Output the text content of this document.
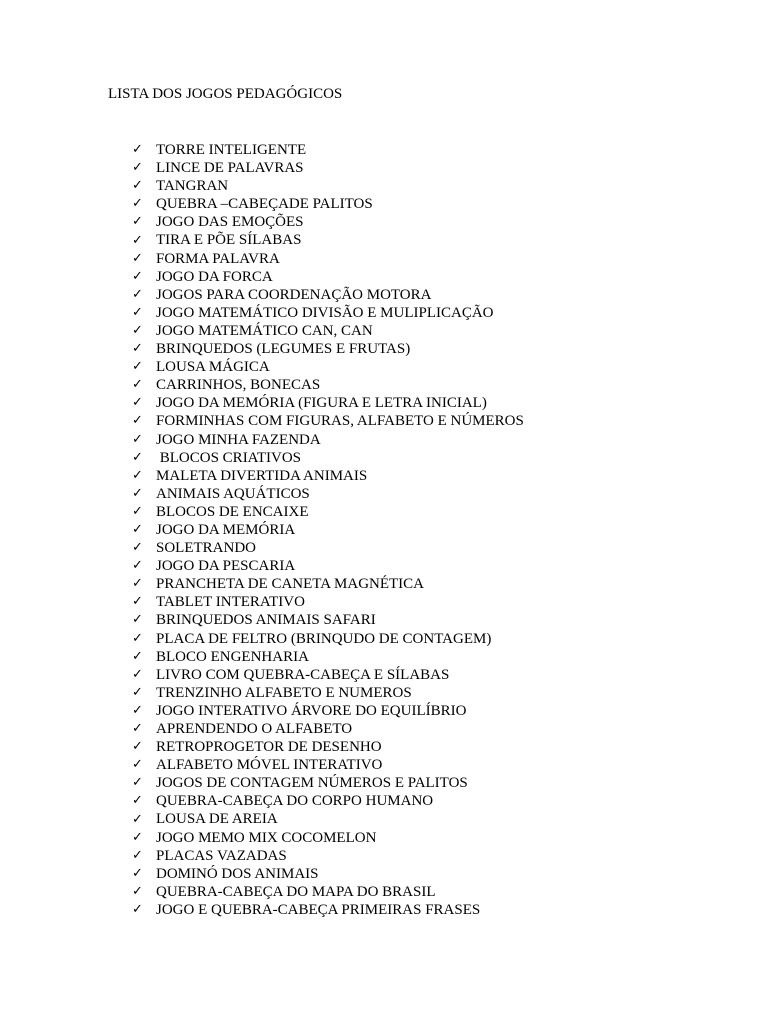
LISTA DOS JOGOS PEDAGÓGICOS
✓ TORRE INTELIGENTE
✓ LINCE DE PALAVRAS
✓ TANGRAN
✓ QUEBRA –CABEÇADE PALITOS
✓ JOGO DAS EMOÇÕES
✓ TIRA E PÕE SÍLABAS
✓ FORMA PALAVRA
✓ JOGO DA FORCA
✓ JOGOS PARA COORDENAÇÃO MOTORA
✓ JOGO MATEMÁTICO DIVISÃO E MULIPLICAÇÃO
✓ JOGO MATEMÁTICO CAN, CAN
✓ BRINQUEDOS (LEGUMES E FRUTAS)
✓ LOUSA MÁGICA
✓ CARRINHOS, BONECAS
✓ JOGO DA MEMÓRIA (FIGURA E LETRA INICIAL)
✓ FORMINHAS COM FIGURAS, ALFABETO E NÚMEROS
✓ JOGO MINHA FAZENDA
✓ BLOCOS CRIATIVOS
✓ MALETA DIVERTIDA ANIMAIS
✓ ANIMAIS AQUÁTICOS
✓ BLOCOS DE ENCAIXE
✓ JOGO DA MEMÓRIA
✓ SOLETRANDO
✓ JOGO DA PESCARIA
✓ PRANCHETA DE CANETA MAGNÉTICA
✓ TABLET INTERATIVO
✓ BRINQUEDOS ANIMAIS SAFARI
✓ PLACA DE FELTRO (BRINQUDO DE CONTAGEM)
✓ BLOCO ENGENHARIA
✓ LIVRO COM QUEBRA-CABEÇA E SÍLABAS
✓ TRENZINHO ALFABETO E NUMEROS
✓ JOGO INTERATIVO ÁRVORE DO EQUILÍBRIO
✓ APRENDENDO O ALFABETO
✓ RETROPROGETOR DE DESENHO
✓ ALFABETO MÓVEL INTERATIVO
✓ JOGOS DE CONTAGEM NÚMEROS E PALITOS
✓ QUEBRA-CABEÇA DO CORPO HUMANO
✓ LOUSA DE AREIA
✓ JOGO MEMO MIX COCOMELON
✓ PLACAS VAZADAS
✓ DOMINÓ DOS ANIMAIS
✓ QUEBRA-CABEÇA DO MAPA DO BRASIL
✓ JOGO E QUEBRA-CABEÇA PRIMEIRAS FRASES
